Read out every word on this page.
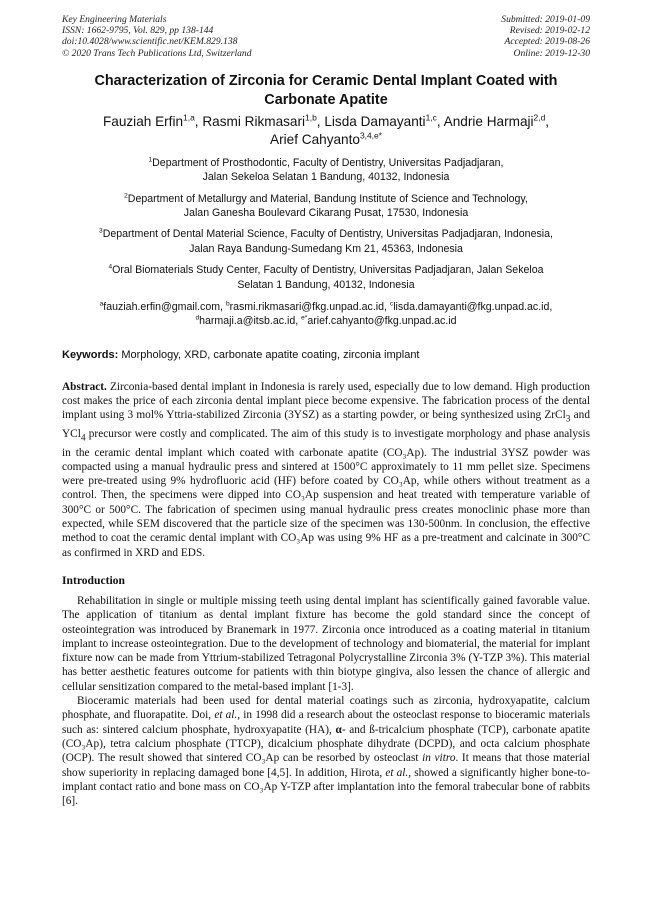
Key Engineering Materials
ISSN: 1662-9795, Vol. 829, pp 138-144
doi:10.4028/www.scientific.net/KEM.829.138
© 2020 Trans Tech Publications Ltd, Switzerland
Submitted: 2019-01-09
Revised: 2019-02-12
Accepted: 2019-08-26
Online: 2019-12-30
Characterization of Zirconia for Ceramic Dental Implant Coated with
Carbonate Apatite
Fauziah Erfin$^{1,a}$, Rasmi Rikmasari$^{1,b}$, Lisda Damayanti$^{1,c}$, Andrie Harmaji$^{2,d}$,
Arief Cahyanto$^{3,4,e*}$
$^1$Department of Prosthodontic, Faculty of Dentistry, Universitas Padjadjaran,
Jalan Sekeloa Selatan 1 Bandung, 40132, Indonesia
$^2$Department of Metallurgy and Material, Bandung Institute of Science and Technology,
Jalan Ganesha Boulevard Cikarang Pusat, 17530, Indonesia
$^3$Department of Dental Material Science, Faculty of Dentistry, Universitas Padjadjaran, Indonesia,
Jalan Raya Bandung-Sumedang Km 21, 45363, Indonesia
$^4$Oral Biomaterials Study Center, Faculty of Dentistry, Universitas Padjadjaran, Jalan Sekeloa
Selatan 1 Bandung, 40132, Indonesia
$^a$fauziah.erfin@gmail.com, $^b$rasmi.rikmasari@fkg.unpad.ac.id, $^c$lisda.damayanti@fkg.unpad.ac.id,
$^d$harmaji.a@itsb.ac.id, $^{e*}$arief.cahyanto@fkg.unpad.ac.id
Keywords: Morphology, XRD, carbonate apatite coating, zirconia implant
Abstract. Zirconia-based dental implant in Indonesia is rarely used, especially due to low demand. High production cost makes the price of each zirconia dental implant piece become expensive. The fabrication process of the dental implant using 3 mol% Yttria-stabilized Zirconia (3YSZ) as a starting powder, or being synthesized using ZrCl$_3$ and YCl$_4$ precursor were costly and complicated. The aim of this study is to investigate morphology and phase analysis in the ceramic dental implant which coated with carbonate apatite (CO₃Ap). The industrial 3YSZ powder was compacted using a manual hydraulic press and sintered at 1500°C approximately to 11 mm pellet size. Specimens were pre-treated using 9% hydrofluoric acid (HF) before coated by CO₃Ap, while others without treatment as a control. Then, the specimens were dipped into CO₃Ap suspension and heat treated with temperature variable of 300°C or 500°C. The fabrication of specimen using manual hydraulic press creates monoclinic phase more than expected, while SEM discovered that the particle size of the specimen was 130-500nm. In conclusion, the effective method to coat the ceramic dental implant with CO₃Ap was using 9% HF as a pre-treatment and calcinate in 300°C as confirmed in XRD and EDS.
Introduction
Rehabilitation in single or multiple missing teeth using dental implant has scientifically gained favorable value. The application of titanium as dental implant fixture has become the gold standard since the concept of osteointegration was introduced by Branemark in 1977. Zirconia once introduced as a coating material in titanium implant to increase osteointegration. Due to the development of technology and biomaterial, the material for implant fixture now can be made from Yttrium-stabilized Tetragonal Polycrystalline Zirconia 3% (Y-TZP 3%). This material has better aesthetic features outcome for patients with thin biotype gingiva, also lessen the chance of allergic and cellular sensitization compared to the metal-based implant [1-3].
Bioceramic materials had been used for dental material coatings such as zirconia, hydroxyapatite, calcium phosphate, and fluorapatite. Doi, et al., in 1998 did a research about the osteoclast response to bioceramic materials such as: sintered calcium phosphate, hydroxyapatite (HA), α- and ß-tricalcium phosphate (TCP), carbonate apatite (CO₃Ap), tetra calcium phosphate (TTCP), dicalcium phosphate dihydrate (DCPD), and octa calcium phosphate (OCP). The result showed that sintered CO₃Ap can be resorbed by osteoclast in vitro. It means that those material show superiority in replacing damaged bone [4,5]. In addition, Hirota, et al., showed a significantly higher bone-to-implant contact ratio and bone mass on CO₃Ap Y-TZP after implantation into the femoral trabecular bone of rabbits [6].
